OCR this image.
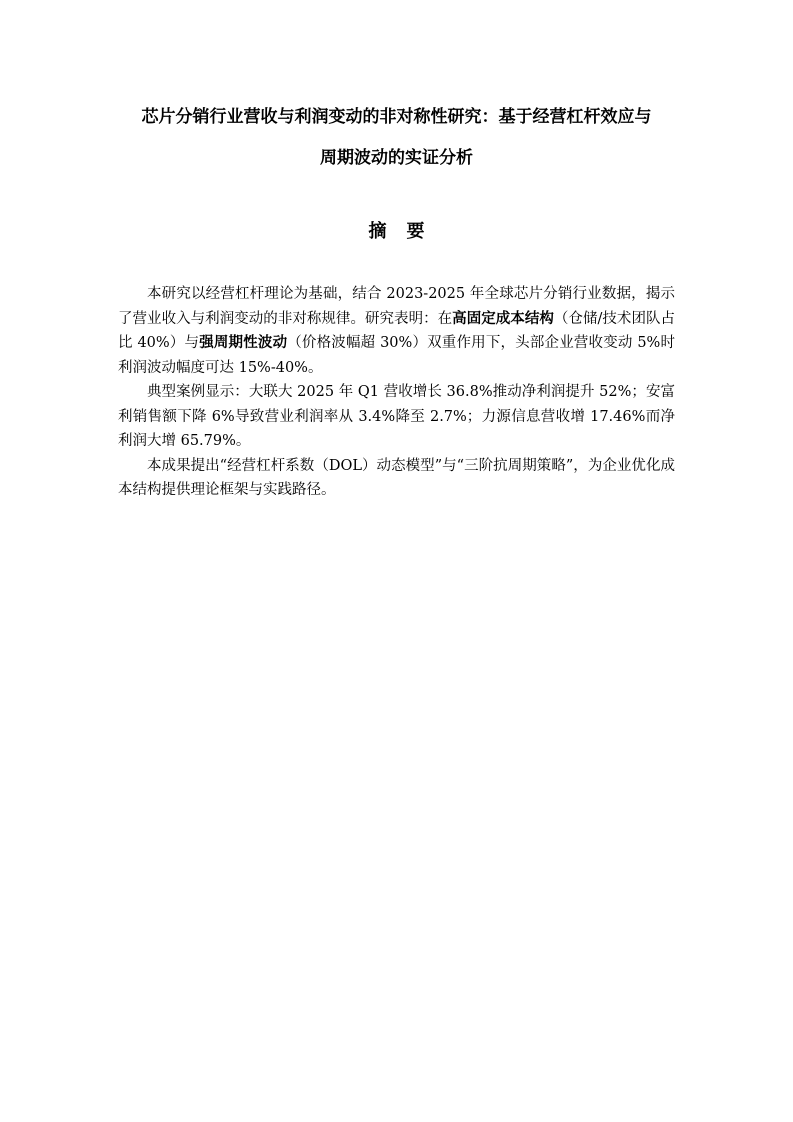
芯片分销行业营收与利润变动的非对称性研究：基于经营杠杆效应与
周期波动的实证分析
摘要

本研究以经营杠杆理论为基础，结合 2023-2025 年全球芯片分销行业数据，揭示了营业收入与利润变动的非对称规律。研究表明：在高固定成本结构（仓储/技术团队占比 40%）与强周期性波动（价格波幅超 30%）双重作用下，头部企业营收变动 5%时利润波动幅度可达 15%-40%。

典型案例显示：大联大 2025 年 Q1 营收增长 36.8%推动净利润提升 52%；安富利销售额下降 6%导致营业利润率从 3.4%降至 2.7%；力源信息营收增 17.46%而净利润大增 65.79%。

本成果提出“经营杠杆系数（DOL）动态模型”与“三阶抗周期策略”，为企业优化成本结构提供理论框架与实践路径。
